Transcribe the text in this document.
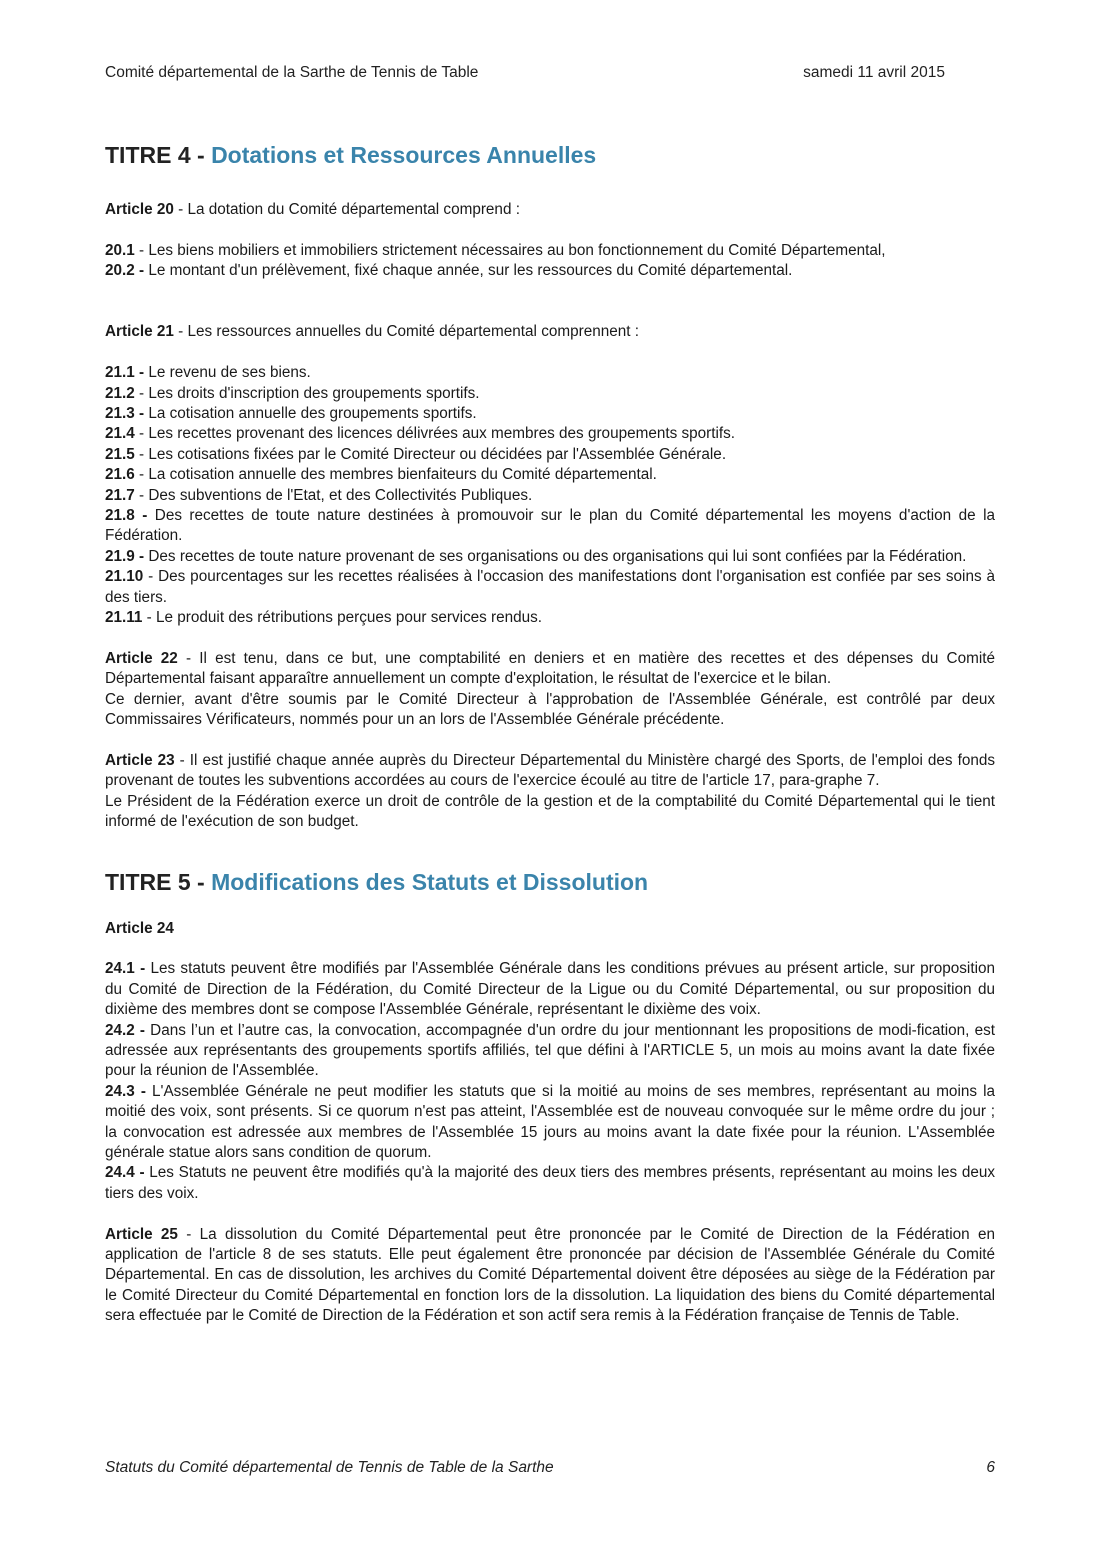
Comité départemental de la Sarthe de Tennis de Table	samedi 11 avril 2015
TITRE 4 - Dotations et Ressources Annuelles

Article 20 - La dotation du Comité départemental comprend :

20.1 - Les biens mobiliers et immobiliers strictement nécessaires au bon fonctionnement du Comité Départemental,

20.2 - Le montant d'un prélèvement, fixé chaque année, sur les ressources du Comité départemental.

Article 21 - Les ressources annuelles du Comité départemental comprennent :

21.1 - Le revenu de ses biens.

21.2 - Les droits d'inscription des groupements sportifs.

21.3 - La cotisation annuelle des groupements sportifs.

21.4 - Les recettes provenant des licences délivrées aux membres des groupements sportifs.

21.5 - Les cotisations fixées par le Comité Directeur ou décidées par l'Assemblée Générale.

21.6 - La cotisation annuelle des membres bienfaiteurs du Comité départemental.

21.7 - Des subventions de l'Etat, et des Collectivités Publiques.

21.8 - Des recettes de toute nature destinées à promouvoir sur le plan du Comité départemental les moyens d'action de la Fédération.

21.9 - Des recettes de toute nature provenant de ses organisations ou des organisations qui lui sont confiées par la Fédération.

21.10 - Des pourcentages sur les recettes réalisées à l'occasion des manifestations dont l'organisation est confiée par ses soins à des tiers.

21.11 - Le produit des rétributions perçues pour services rendus.

Article 22 - Il est tenu, dans ce but, une comptabilité en deniers et en matière des recettes et des dépenses du Comité Départemental faisant apparaître annuellement un compte d'exploitation, le résultat de l'exercice et le bilan.

Ce dernier, avant d'être soumis par le Comité Directeur à l'approbation de l'Assemblée Générale, est contrôlé par deux Commissaires Vérificateurs, nommés pour un an lors de l'Assemblée Générale précédente.

Article 23 - Il est justifié chaque année auprès du Directeur Départemental du Ministère chargé des Sports, de l'emploi des fonds provenant de toutes les subventions accordées au cours de l'exercice écoulé au titre de l'article 17, para-graphe 7.

Le Président de la Fédération exerce un droit de contrôle de la gestion et de la comptabilité du Comité Départemental qui le tient informé de l'exécution de son budget.

TITRE 5 - Modifications des Statuts et Dissolution

Article 24

24.1 - Les statuts peuvent être modifiés par l'Assemblée Générale dans les conditions prévues au présent article, sur proposition du Comité de Direction de la Fédération, du Comité Directeur de la Ligue ou du Comité Départemental, ou sur proposition du dixième des membres dont se compose l'Assemblée Générale, représentant le dixième des voix.

24.2 - Dans l’un et l’autre cas, la convocation, accompagnée d'un ordre du jour mentionnant les propositions de modi-fication, est adressée aux représentants des groupements sportifs affiliés, tel que défini à l'ARTICLE 5, un mois au moins avant la date fixée pour la réunion de l'Assemblée.

24.3 - L'Assemblée Générale ne peut modifier les statuts que si la moitié au moins de ses membres, représentant au moins la moitié des voix, sont présents. Si ce quorum n'est pas atteint, l'Assemblée est de nouveau convoquée sur le même ordre du jour ; la convocation est adressée aux membres de l'Assemblée 15 jours au moins avant la date fixée pour la réunion. L'Assemblée générale statue alors sans condition de quorum.

24.4 - Les Statuts ne peuvent être modifiés qu'à la majorité des deux tiers des membres présents, représentant au moins les deux tiers des voix.

Article 25 - La dissolution du Comité Départemental peut être prononcée par le Comité de Direction de la Fédération en application de l'article 8 de ses statuts. Elle peut également être prononcée par décision de l'Assemblée Générale du Comité Départemental. En cas de dissolution, les archives du Comité Départemental doivent être déposées au siège de la Fédération par le Comité Directeur du Comité Départemental en fonction lors de la dissolution. La liquidation des biens du Comité départemental sera effectuée par le Comité de Direction de la Fédération et son actif sera remis à la Fédération française de Tennis de Table.

Statuts du Comité départemental de Tennis de Table de la Sarthe	6
